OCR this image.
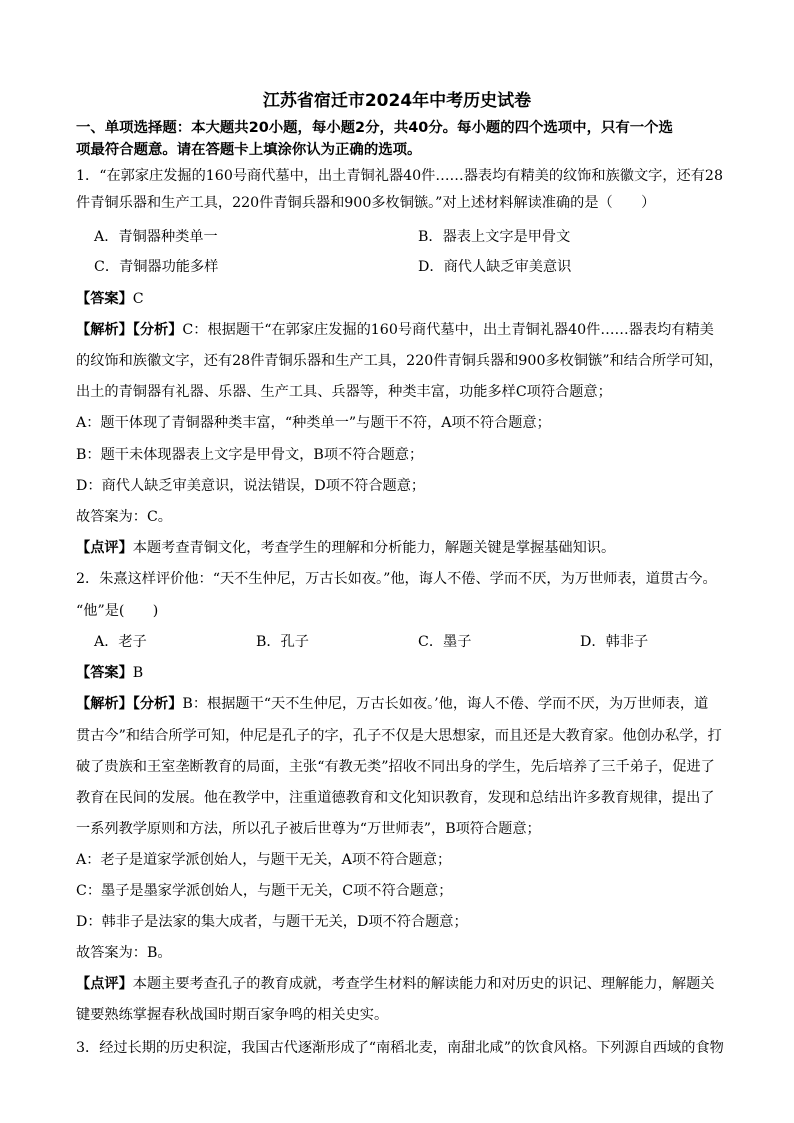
江苏省宿迁市2024年中考历史试卷
一、单项选择题：本大题共20小题，每小题2分，共40分。每小题的四个选项中，只有一个选
项最符合题意。请在答题卡上填涂你认为正确的选项。
1．“在郭家庄发掘的160号商代墓中，出土青铜礼器40件……器表均有精美的纹饰和族徽文字，还有28
件青铜乐器和生产工具，220件青铜兵器和900多枚铜镞。”对上述材料解读准确的是（　　）
A．青铜器种类单一	B．器表上文字是甲骨文
C．青铜器功能多样	D．商代人缺乏审美意识
【答案】C
【解析】【分析】C：根据题干“在郭家庄发掘的160号商代墓中，出土青铜礼器40件……器表均有精美
的纹饰和族徽文字，还有28件青铜乐器和生产工具，220件青铜兵器和900多枚铜镞”和结合所学可知，
出土的青铜器有礼器、乐器、生产工具、兵器等，种类丰富，功能多样C项符合题意；
A：题干体现了青铜器种类丰富，“种类单一”与题干不符，A项不符合题意；
B：题干未体现器表上文字是甲骨文，B项不符合题意；
D：商代人缺乏审美意识，说法错误，D项不符合题意；
故答案为：C。
【点评】本题考查青铜文化，考查学生的理解和分析能力，解题关键是掌握基础知识。
2．朱熹这样评价他：“天不生仲尼，万古长如夜。”他，诲人不倦、学而不厌，为万世师表，道贯古今。
“他”是(　　)
A．老子	B．孔子	C．墨子	D．韩非子
【答案】B
【解析】【分析】B：根据题干“天不生仲尼，万古长如夜。’他，诲人不倦、学而不厌，为万世师表，道
贯古今”和结合所学可知，仲尼是孔子的字，孔子不仅是大思想家，而且还是大教育家。他创办私学，打
破了贵族和王室垄断教育的局面，主张“有教无类”招收不同出身的学生，先后培养了三千弟子，促进了
教育在民间的发展。他在教学中，注重道德教育和文化知识教育，发现和总结出许多教育规律，提出了
一系列教学原则和方法，所以孔子被后世尊为“万世师表”，B项符合题意；
A：老子是道家学派创始人，与题干无关，A项不符合题意；
C：墨子是墨家学派创始人，与题干无关，C项不符合题意；
D：韩非子是法家的集大成者，与题干无关，D项不符合题意；
故答案为：B。
【点评】本题主要考查孔子的教育成就，考查学生材料的解读能力和对历史的识记、理解能力，解题关
键要熟练掌握春秋战国时期百家争鸣的相关史实。
3．经过长期的历史积淀，我国古代逐渐形成了“南稻北麦，南甜北咸”的饮食风格。下列源自西域的食物
